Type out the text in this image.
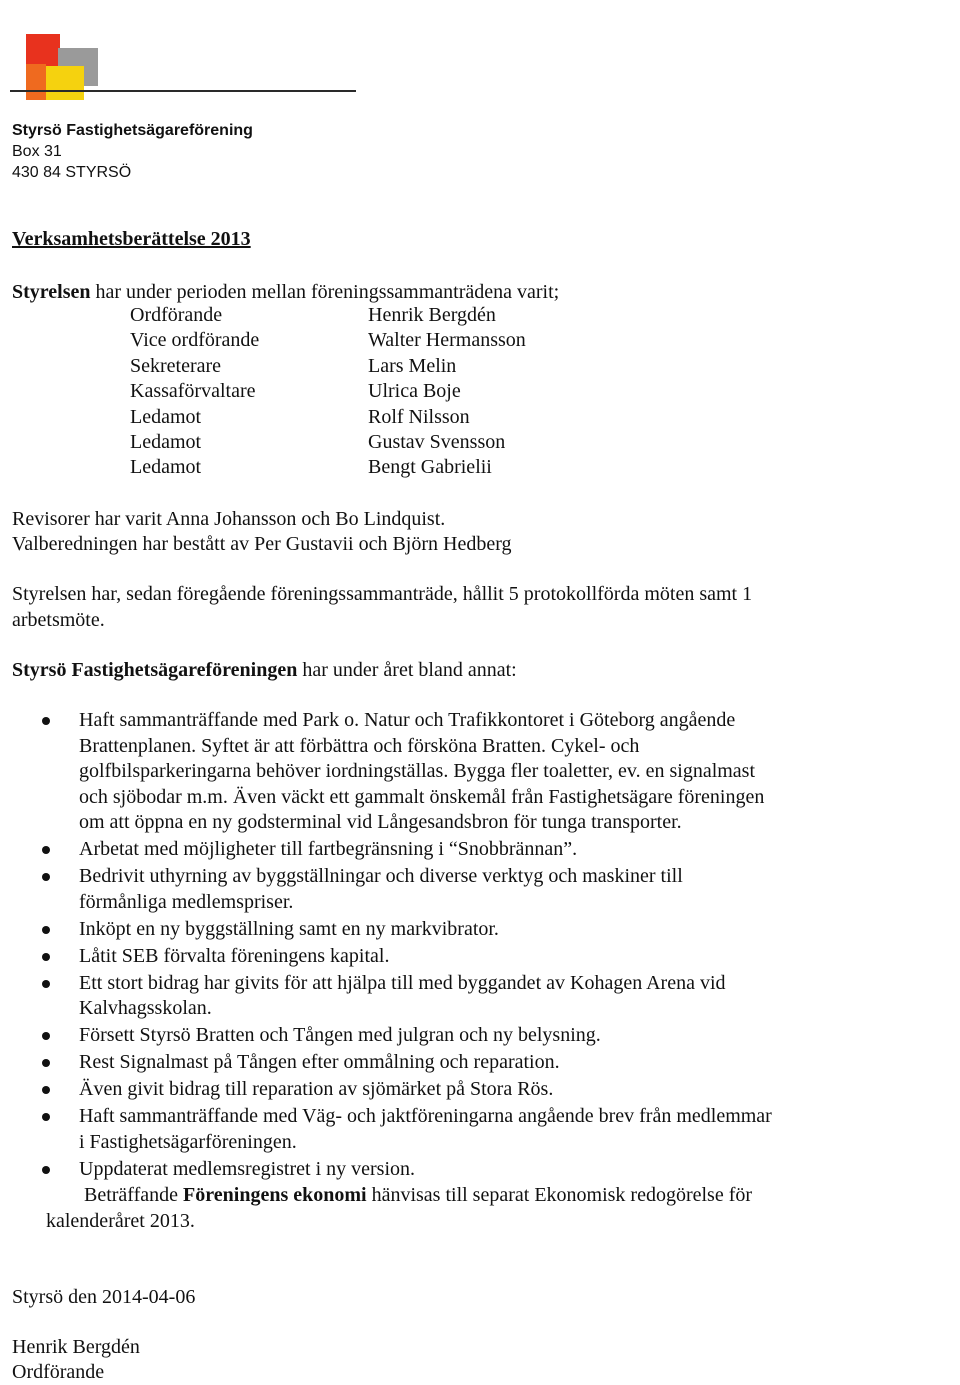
Styrsö Fastighetsägareförening
Box 31
430 84 STYRSÖ
Verksamhetsberättelse 2013
Styrelsen har under perioden mellan föreningssammanträdena varit;
Ordförande	Henrik Bergdén
Vice ordförande	Walter Hermansson
Sekreterare	Lars Melin
Kassaförvaltare	Ulrica Boje
Ledamot	Rolf Nilsson
Ledamot	Gustav Svensson
Ledamot	Bengt Gabrielii
Revisorer har varit Anna Johansson och Bo Lindquist.
Valberedningen har bestått av Per Gustavii och Björn Hedberg
Styrelsen har, sedan föregående föreningssammanträde, hållit 5 protokollförda möten samt 1
arbetsmöte.
Styrsö Fastighetsägareföreningen har under året bland annat:
Haft sammanträffande med Park o. Natur och Trafikkontoret i Göteborg angående
Brattenplanen. Syftet är att förbättra och försköna Bratten. Cykel- och
golfbilsparkeringarna behöver iordningställas. Bygga fler toaletter, ev. en signalmast
och sjöbodar m.m. Även väckt ett gammalt önskemål från Fastighetsägare föreningen
om att öppna en ny godsterminal vid Långesandsbron för tunga transporter.
Arbetat med möjligheter till fartbegränsning i “Snobbrännan”.
Bedrivit uthyrning av byggställningar och diverse verktyg och maskiner till
förmånliga medlemspriser.
Inköpt en ny byggställning samt en ny markvibrator.
Låtit SEB förvalta föreningens kapital.
Ett stort bidrag har givits för att hjälpa till med byggandet av Kohagen Arena vid
Kalvhagsskolan.
Försett Styrsö Bratten och Tången med julgran och ny belysning.
Rest Signalmast på Tången efter ommålning och reparation.
Även givit bidrag till reparation av sjömärket på Stora Rös.
Haft sammanträffande med Väg- och jaktföreningarna angående brev från medlemmar
i Fastighetsägarföreningen.
Uppdaterat medlemsregistret i ny version.
Beträffande Föreningens ekonomi hänvisas till separat Ekonomisk redogörelse för
kalenderåret 2013.
Styrsö den 2014-04-06
Henrik Bergdén
Ordförande
